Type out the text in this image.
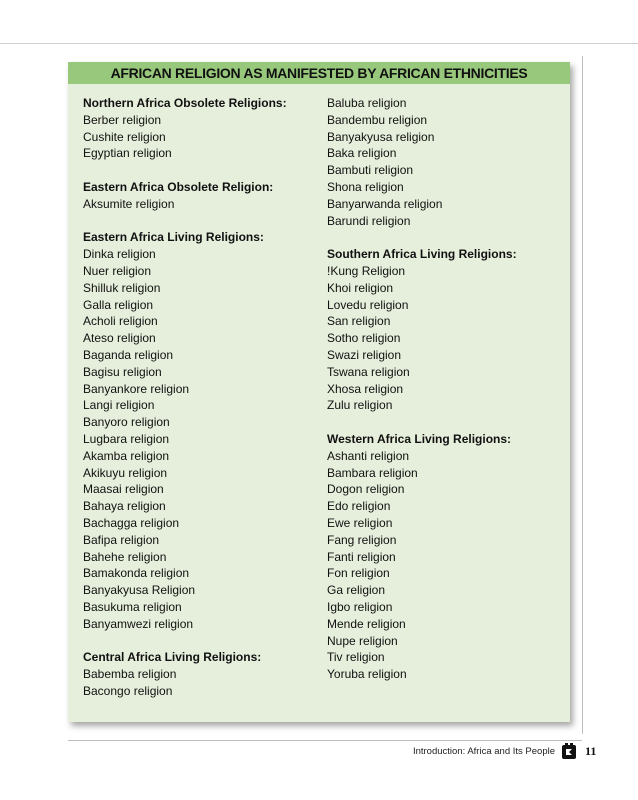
AFRICAN RELIGION AS MANIFESTED BY AFRICAN ETHNICITIES
Northern Africa Obsolete Religions:
Berber religion
Cushite religion
Egyptian religion
Eastern Africa Obsolete Religion:
Aksumite religion
Eastern Africa Living Religions:
Dinka religion
Nuer religion
Shilluk religion
Galla religion
Acholi religion
Ateso religion
Baganda religion
Bagisu religion
Banyankore religion
Langi religion
Banyoro religion
Lugbara religion
Akamba religion
Akikuyu religion
Maasai religion
Bahaya religion
Bachagga religion
Bafipa religion
Bahehe religion
Bamakonda religion
Banyakyusa Religion
Basukuma religion
Banyamwezi religion
Central Africa Living Religions:
Babemba religion
Bacongo religion
Baluba religion
Bandembu religion
Banyakyusa religion
Baka religion
Bambuti religion
Shona religion
Banyarwanda religion
Barundi religion
Southern Africa Living Religions:
!Kung Religion
Khoi religion
Lovedu religion
San religion
Sotho religion
Swazi religion
Tswana religion
Xhosa religion
Zulu religion
Western Africa Living Religions:
Ashanti religion
Bambara religion
Dogon religion
Edo religion
Ewe religion
Fang religion
Fanti religion
Fon religion
Ga religion
Igbo religion
Mende religion
Nupe religion
Tiv religion
Yoruba religion
Introduction: Africa and Its People	11
